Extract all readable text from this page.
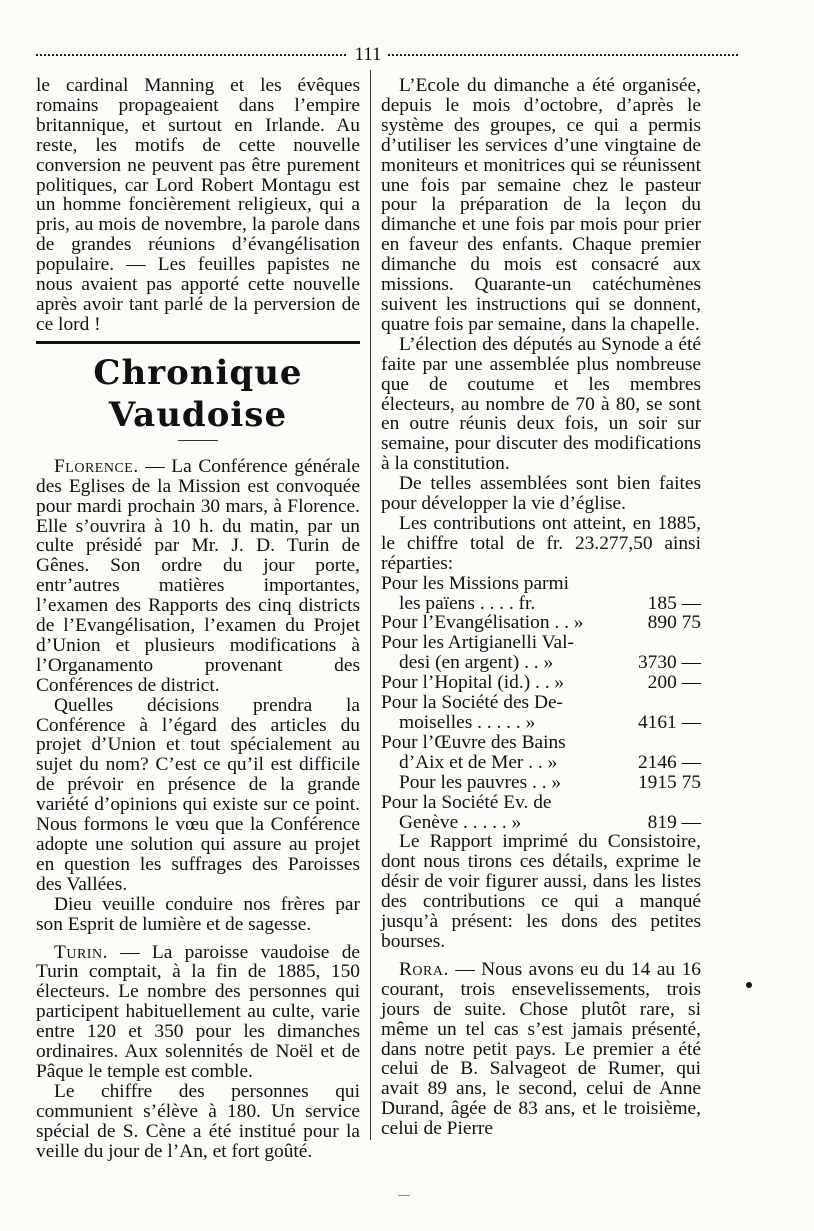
111

le cardinal Manning et les évêques romains propageaient dans l’empire britannique, et surtout en Irlande. Au reste, les motifs de cette nouvelle conversion ne peuvent pas être purement politiques, car Lord Robert Montagu est un homme foncièrement religieux, qui a pris, au mois de novembre, la parole dans de grandes réunions d’évangélisation populaire. — Les feuilles papistes ne nous avaient pas apporté cette nouvelle après avoir tant parlé de la perversion de ce lord !

Chronique Vaudoise

Florence. — La Conférence générale des Eglises de la Mission est convoquée pour mardi prochain 30 mars, à Florence. Elle s’ouvrira à 10 h. du matin, par un culte présidé par Mr. J. D. Turin de Gênes. Son ordre du jour porte, entr’autres matières importantes, l’examen des Rapports des cinq districts de l’Evangélisation, l’examen du Projet d’Union et plusieurs modifications à l’Organamento provenant des Conférences de district.

Quelles décisions prendra la Conférence à l’égard des articles du projet d’Union et tout spécialement au sujet du nom? C’est ce qu’il est difficile de prévoir en présence de la grande variété d’opinions qui existe sur ce point. Nous formons le vœu que la Conférence adopte une solution qui assure au projet en question les suffrages des Paroisses des Vallées.

Dieu veuille conduire nos frères par son Esprit de lumière et de sagesse.

Turin. — La paroisse vaudoise de Turin comptait, à la fin de 1885, 150 électeurs. Le nombre des personnes qui participent habituellement au culte, varie entre 120 et 350 pour les dimanches ordinaires. Aux solennités de Noël et de Pâque le temple est comble.

Le chiffre des personnes qui communient s’élève à 180. Un service spécial de S. Cène a été institué pour la veille du jour de l’An, et fort goûté.

L’Ecole du dimanche a été organisée, depuis le mois d’octobre, d’après le système des groupes, ce qui a permis d’utiliser les services d’une vingtaine de moniteurs et monitrices qui se réunissent une fois par semaine chez le pasteur pour la préparation de la leçon du dimanche et une fois par mois pour prier en faveur des enfants. Chaque premier dimanche du mois est consacré aux missions. Quarante-un catéchumènes suivent les instructions qui se donnent, quatre fois par semaine, dans la chapelle.

L’élection des députés au Synode a été faite par une assemblée plus nombreuse que de coutume et les membres électeurs, au nombre de 70 à 80, se sont en outre réunis deux fois, un soir sur semaine, pour discuter des modifications à la constitution.

De telles assemblées sont bien faites pour développer la vie d’église.

Les contributions ont atteint, en 1885, le chiffre total de fr. 23.277,50 ainsi réparties:

Pour les Missions parmi	
les païens . . . . fr.	185 —
Pour l’Evangélisation . . »	890 75
Pour les Artigianelli Val-	
desi (en argent) . . »	3730 —
Pour l’Hopital (id.) . . »	200 —
Pour la Société des De-	
moiselles . . . . . »	4161 —
Pour l’Œuvre des Bains	
d’Aix et de Mer . . »	2146 —
Pour les pauvres . . »	1915 75
Pour la Société Ev. de	
Genève . . . . . »	819 —

Le Rapport imprimé du Consistoire, dont nous tirons ces détails, exprime le désir de voir figurer aussi, dans les listes des contributions ce qui a manqué jusqu’à présent: les dons des petites bourses.

Rora. — Nous avons eu du 14 au 16 courant, trois ensevelissements, trois jours de suite. Chose plutôt rare, si même un tel cas s’est jamais présenté, dans notre petit pays. Le premier a été celui de B. Salvageot de Rumer, qui avait 89 ans, le second, celui de Anne Durand, âgée de 83 ans, et le troisième, celui de Pierre
